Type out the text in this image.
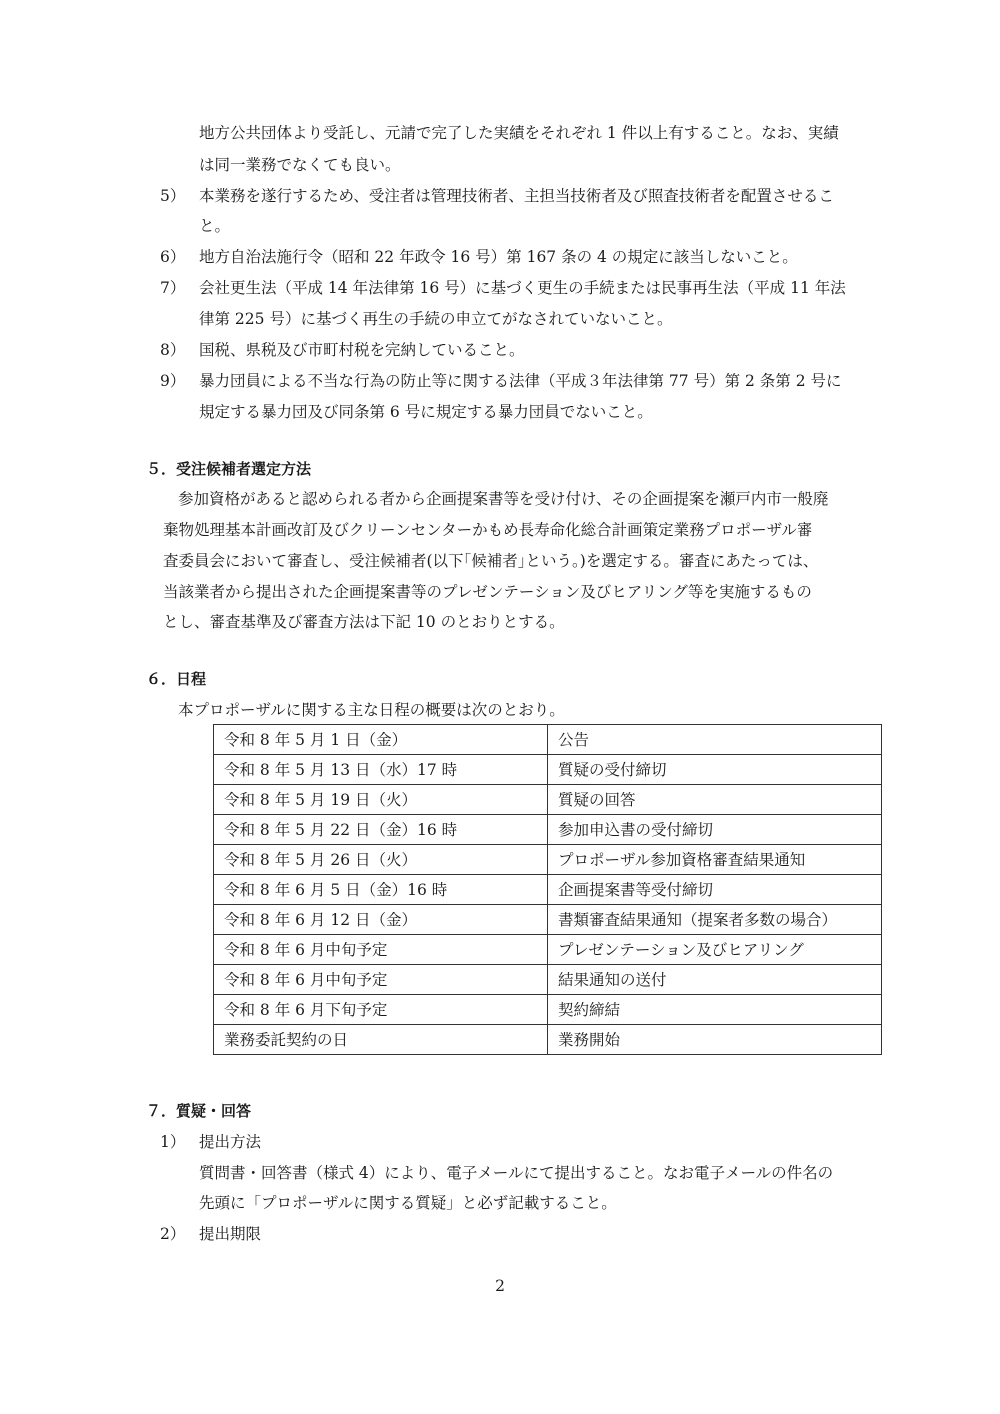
地方公共団体より受託し、元請で完了した実績をそれぞれ 1 件以上有すること。なお、実績
は同一業務でなくても良い。
5） 本業務を遂行するため、受注者は管理技術者、主担当技術者及び照査技術者を配置させるこ
と。
6） 地方自治法施行令（昭和 22 年政令 16 号）第 167 条の 4 の規定に該当しないこと。
7） 会社更生法（平成 14 年法律第 16 号）に基づく更生の手続または民事再生法（平成 11 年法
律第 225 号）に基づく再生の手続の申立てがなされていないこと。
8） 国税、県税及び市町村税を完納していること。
9） 暴力団員による不当な行為の防止等に関する法律（平成３年法律第 77 号）第 2 条第 2 号に
規定する暴力団及び同条第 6 号に規定する暴力団員でないこと。
５．受注候補者選定方法
参加資格があると認められる者から企画提案書等を受け付け、その企画提案を瀬戸内市一般廃
棄物処理基本計画改訂及びクリーンセンターかもめ長寿命化総合計画策定業務プロポーザル審
査委員会において審査し、受注候補者(以下｢候補者｣という。)を選定する。審査にあたっては、
当該業者から提出された企画提案書等のプレゼンテーション及びヒアリング等を実施するもの
とし、審査基準及び審査方法は下記 10 のとおりとする。
６．日程
本プロポーザルに関する主な日程の概要は次のとおり。
令和 8 年 5 月 1 日（金）	公告
令和 8 年 5 月 13 日（水）17 時	質疑の受付締切
令和 8 年 5 月 19 日（火）	質疑の回答
令和 8 年 5 月 22 日（金）16 時	参加申込書の受付締切
令和 8 年 5 月 26 日（火）	プロポーザル参加資格審査結果通知
令和 8 年 6 月 5 日（金）16 時	企画提案書等受付締切
令和 8 年 6 月 12 日（金）	書類審査結果通知（提案者多数の場合）
令和 8 年 6 月中旬予定	プレゼンテーション及びヒアリング
令和 8 年 6 月中旬予定	結果通知の送付
令和 8 年 6 月下旬予定	契約締結
業務委託契約の日	業務開始
７．質疑・回答
1） 提出方法
質問書・回答書（様式 4）により、電子メールにて提出すること。なお電子メールの件名の
先頭に「プロポーザルに関する質疑」と必ず記載すること。
2） 提出期限
2
